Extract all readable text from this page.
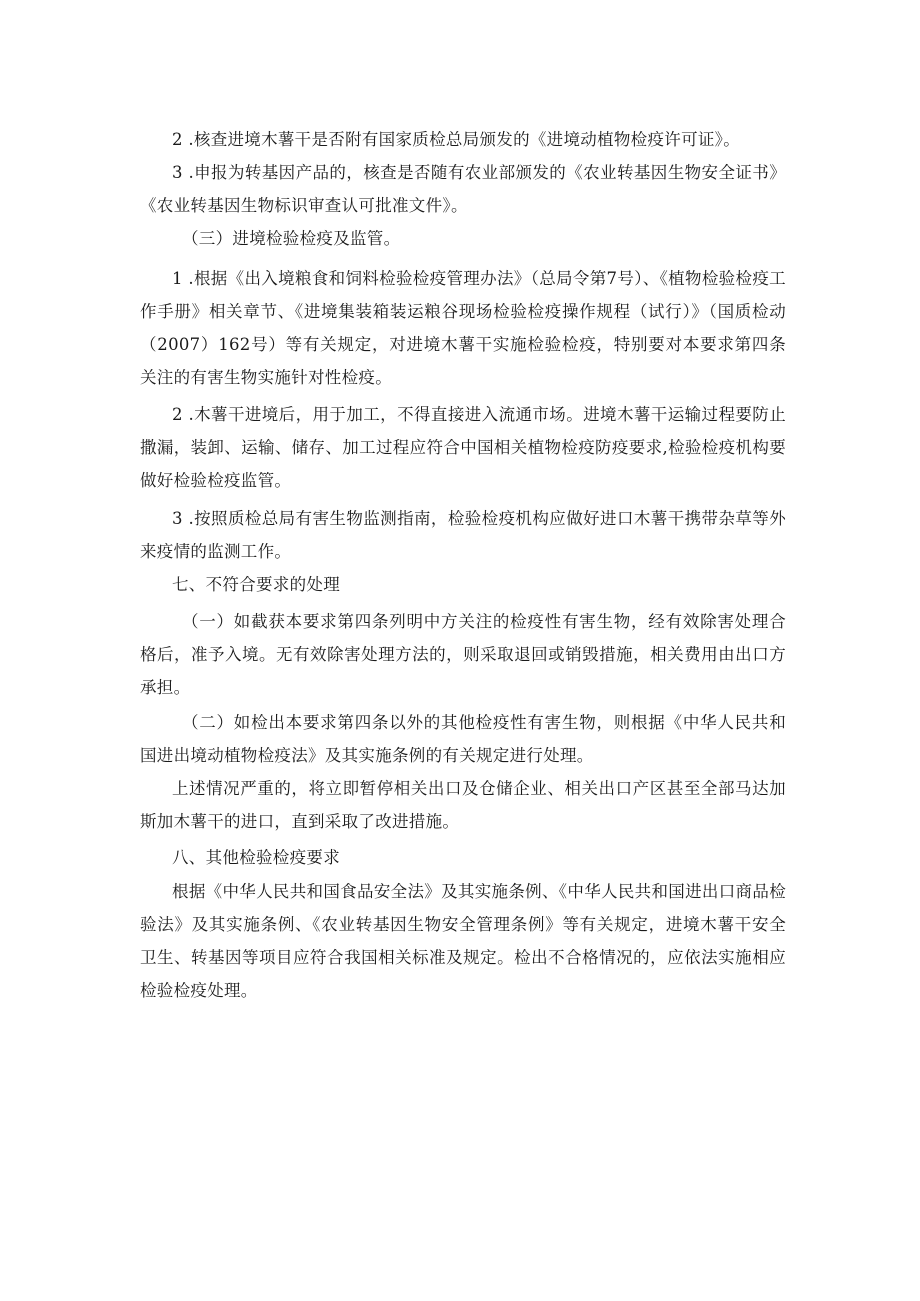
2 .核查进境木薯干是否附有国家质检总局颁发的《进境动植物检疫许可证》。

3 .申报为转基因产品的，核查是否随有农业部颁发的《农业转基因生物安全证书》《农业转基因生物标识审查认可批准文件》。

（三）进境检验检疫及监管。

1 .根据《出入境粮食和饲料检验检疫管理办法》（总局令第7号）、《植物检验检疫工作手册》相关章节、《进境集装箱装运粮谷现场检验检疫操作规程（试行）》（国质检动（2007）162号）等有关规定，对进境木薯干实施检验检疫，特别要对本要求第四条关注的有害生物实施针对性检疫。

2 .木薯干进境后，用于加工，不得直接进入流通市场。进境木薯干运输过程要防止撒漏，装卸、运输、储存、加工过程应符合中国相关植物检疫防疫要求,检验检疫机构要做好检验检疫监管。

3 .按照质检总局有害生物监测指南，检验检疫机构应做好进口木薯干携带杂草等外来疫情的监测工作。

七、不符合要求的处理

（一）如截获本要求第四条列明中方关注的检疫性有害生物，经有效除害处理合格后，准予入境。无有效除害处理方法的，则采取退回或销毁措施，相关费用由出口方承担。

（二）如检出本要求第四条以外的其他检疫性有害生物，则根据《中华人民共和国进出境动植物检疫法》及其实施条例的有关规定进行处理。

上述情况严重的，将立即暂停相关出口及仓储企业、相关出口产区甚至全部马达加斯加木薯干的进口，直到采取了改进措施。

八、其他检验检疫要求

根据《中华人民共和国食品安全法》及其实施条例、《中华人民共和国进出口商品检验法》及其实施条例、《农业转基因生物安全管理条例》等有关规定，进境木薯干安全卫生、转基因等项目应符合我国相关标准及规定。检出不合格情况的，应依法实施相应检验检疫处理。
